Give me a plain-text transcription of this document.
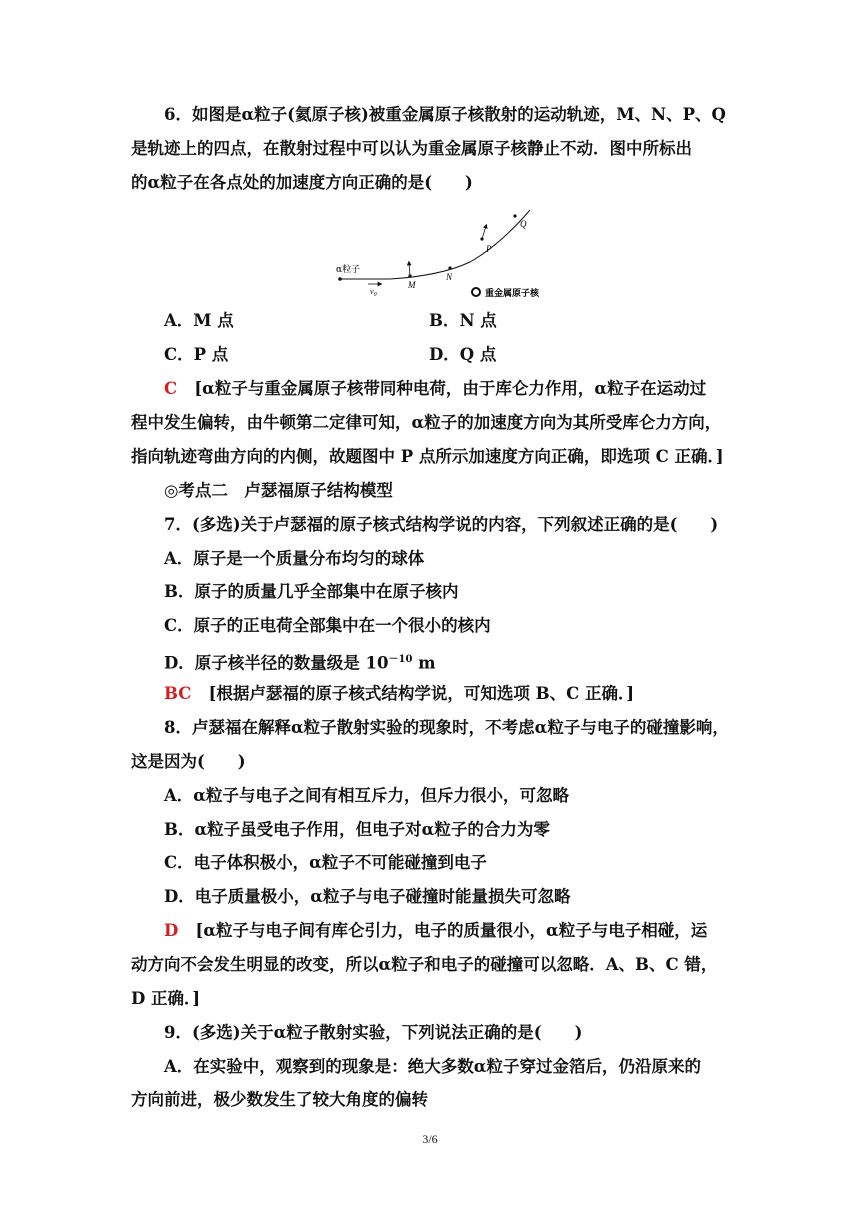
6．如图是α粒子(氦原子核)被重金属原子核散射的运动轨迹，M、N、P、Q
是轨迹上的四点，在散射过程中可以认为重金属原子核静止不动．图中所标出
的α粒子在各点处的加速度方向正确的是(　　)
α粒子
$v_0$
M
N
P
Q
重金属原子核
A．M 点	B．N 点
C．P 点	D．Q 点
C [α粒子与重金属原子核带同种电荷，由于库仑力作用，α粒子在运动过
程中发生偏转，由牛顿第二定律可知，α粒子的加速度方向为其所受库仑力方向，
指向轨迹弯曲方向的内侧，故题图中 P 点所示加速度方向正确，即选项 C 正确．]
◎考点二　卢瑟福原子结构模型
7．(多选)关于卢瑟福的原子核式结构学说的内容，下列叙述正确的是(　　)
A．原子是一个质量分布均匀的球体
B．原子的质量几乎全部集中在原子核内
C．原子的正电荷全部集中在一个很小的核内
D．原子核半径的数量级是 $10^{-10}$ m
BC [根据卢瑟福的原子核式结构学说，可知选项 B、C 正确．]
8．卢瑟福在解释α粒子散射实验的现象时，不考虑α粒子与电子的碰撞影响，
这是因为(　　)
A．α粒子与电子之间有相互斥力，但斥力很小，可忽略
B．α粒子虽受电子作用，但电子对α粒子的合力为零
C．电子体积极小，α粒子不可能碰撞到电子
D．电子质量极小，α粒子与电子碰撞时能量损失可忽略
D [α粒子与电子间有库仑引力，电子的质量很小，α粒子与电子相碰，运
动方向不会发生明显的改变，所以α粒子和电子的碰撞可以忽略．A、B、C 错，
D 正确．]
9．(多选)关于α粒子散射实验，下列说法正确的是(　　)
A．在实验中，观察到的现象是：绝大多数α粒子穿过金箔后，仍沿原来的
方向前进，极少数发生了较大角度的偏转
3/6
